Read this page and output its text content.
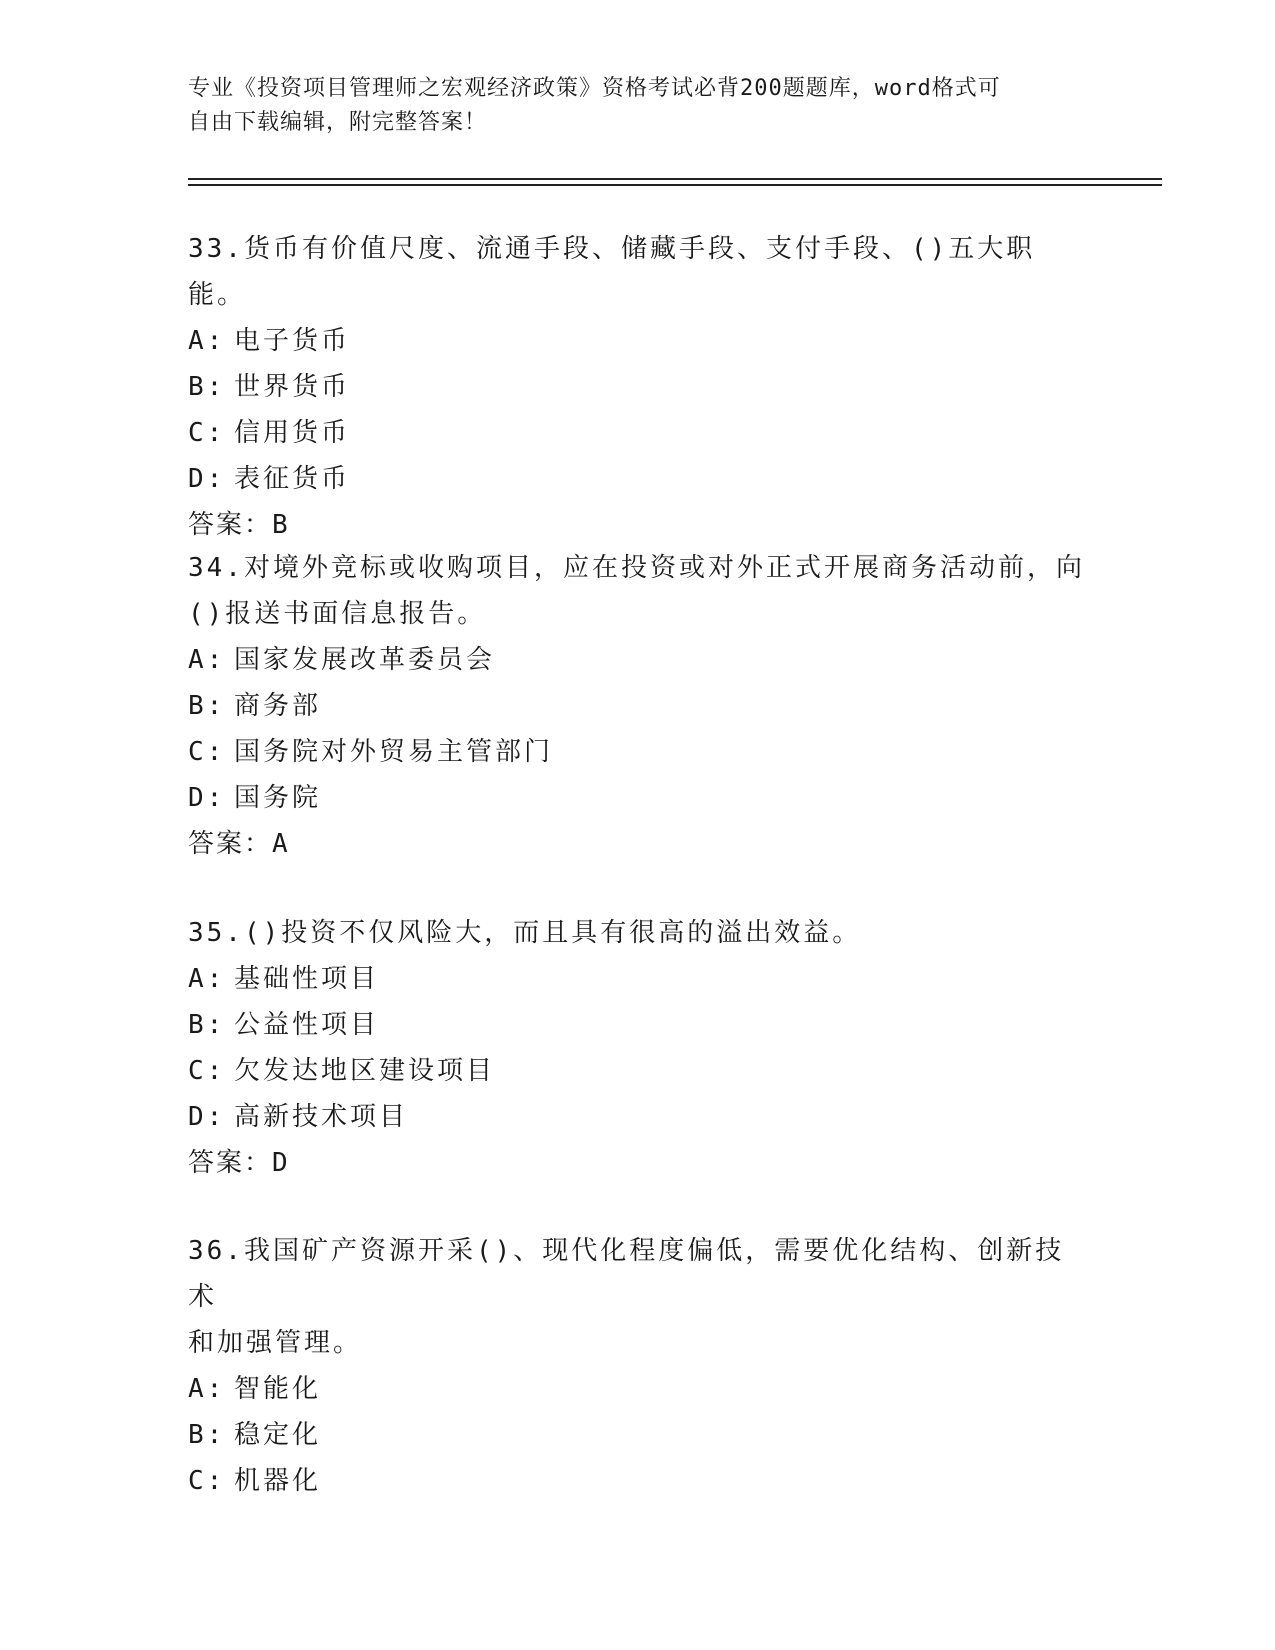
专业《投资项目管理师之宏观经济政策》资格考试必背200题题库，word格式可
自由下载编辑，附完整答案！

33.货币有价值尺度、流通手段、储藏手段、支付手段、()五大职能。

A: 电子货币

B: 世界货币

C: 信用货币

D: 表征货币

答案：B

34.对境外竞标或收购项目，应在投资或对外正式开展商务活动前，向

()报送书面信息报告。

A: 国家发展改革委员会

B: 商务部

C: 国务院对外贸易主管部门

D: 国务院

答案：A

35.()投资不仅风险大，而且具有很高的溢出效益。

A: 基础性项目

B: 公益性项目

C: 欠发达地区建设项目

D: 高新技术项目

答案：D

36.我国矿产资源开采()、现代化程度偏低，需要优化结构、创新技术

和加强管理。

A: 智能化

B: 稳定化

C: 机器化
